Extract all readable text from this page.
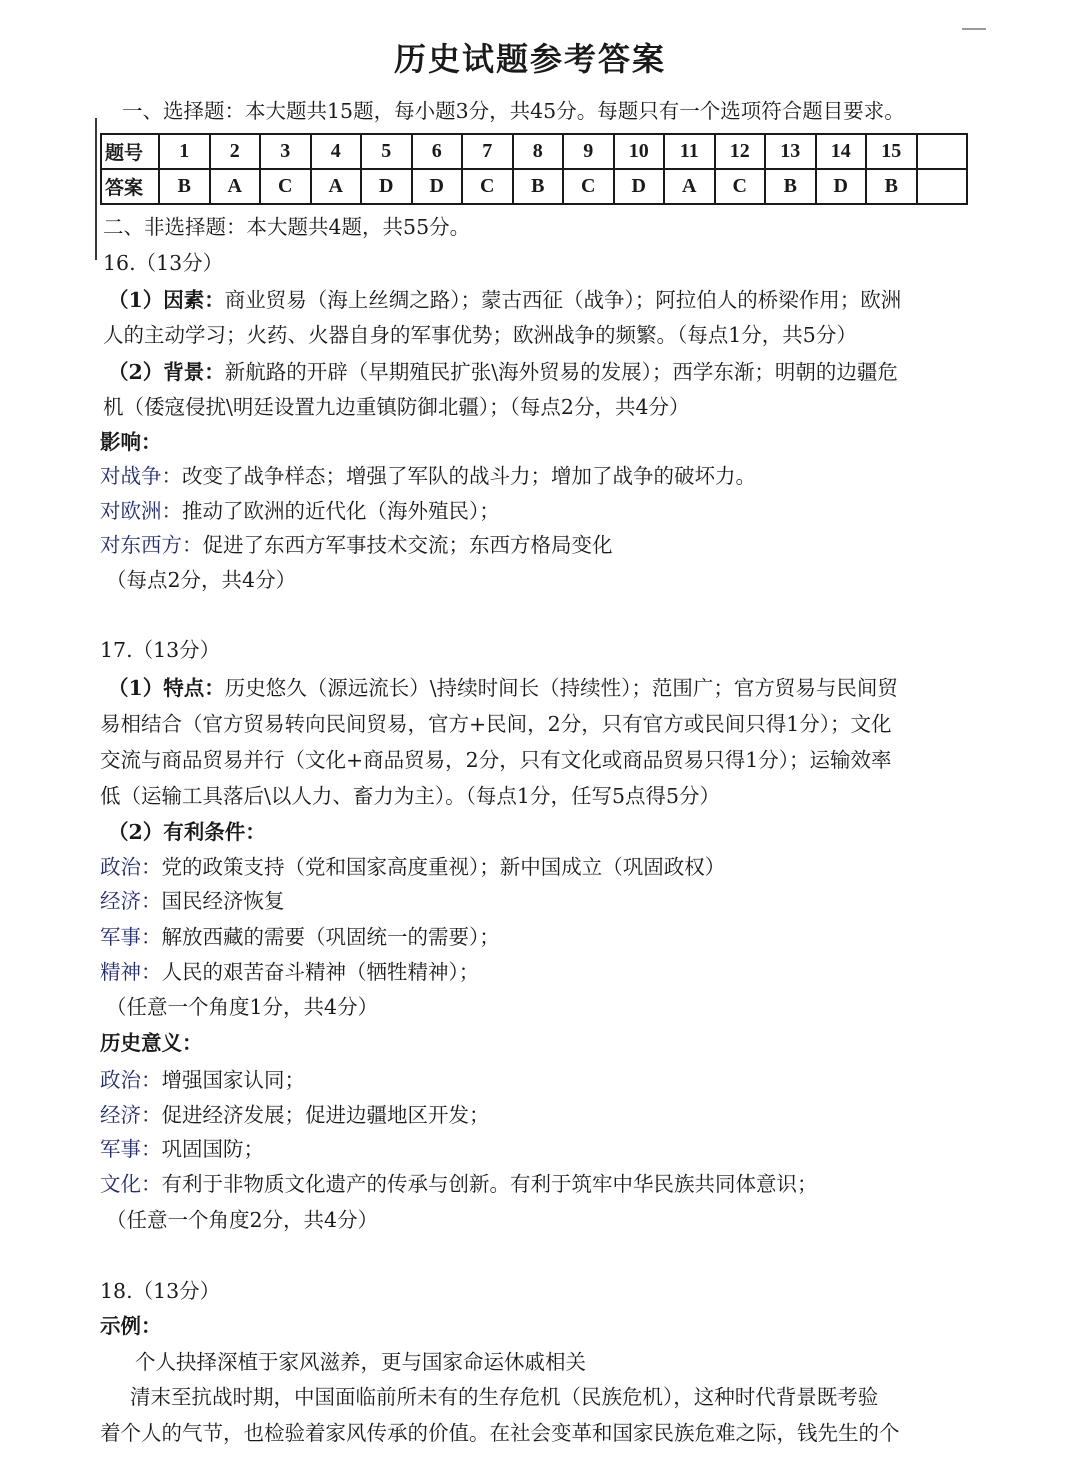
历史试题参考答案
一、选择题：本大题共15题，每小题3分，共45分。每题只有一个选项符合题目要求。
题号	1	2	3	4	5	6	7	8	9	10	11	12	13	14	15	
答案	B	A	C	A	D	D	C	B	C	D	A	C	B	D	B	
二、非选择题：本大题共4题，共55分。
16.（13分）
（1）因素：商业贸易（海上丝绸之路）；蒙古西征（战争）；阿拉伯人的桥梁作用；欧洲
人的主动学习；火药、火器自身的军事优势；欧洲战争的频繁。（每点1分，共5分）
（2）背景：新航路的开辟（早期殖民扩张\海外贸易的发展）；西学东渐；明朝的边疆危
机（倭寇侵扰\明廷设置九边重镇防御北疆）；（每点2分，共4分）
影响：
对战争：改变了战争样态；增强了军队的战斗力；增加了战争的破坏力。
对欧洲：推动了欧洲的近代化（海外殖民）；
对东西方：促进了东西方军事技术交流；东西方格局变化
（每点2分，共4分）
17.（13分）
（1）特点：历史悠久（源远流长）\持续时间长（持续性）；范围广；官方贸易与民间贸
易相结合（官方贸易转向民间贸易，官方+民间，2分，只有官方或民间只得1分）；文化
交流与商品贸易并行（文化+商品贸易，2分，只有文化或商品贸易只得1分）；运输效率
低（运输工具落后\以人力、畜力为主）。（每点1分，任写5点得5分）
（2）有利条件：
政治：党的政策支持（党和国家高度重视）；新中国成立（巩固政权）
经济：国民经济恢复
军事：解放西藏的需要（巩固统一的需要）；
精神：人民的艰苦奋斗精神（牺牲精神）；
（任意一个角度1分，共4分）
历史意义：
政治：增强国家认同；
经济：促进经济发展；促进边疆地区开发；
军事：巩固国防；
文化：有利于非物质文化遗产的传承与创新。有利于筑牢中华民族共同体意识；
（任意一个角度2分，共4分）
18.（13分）
示例：
个人抉择深植于家风滋养，更与国家命运休戚相关
清末至抗战时期，中国面临前所未有的生存危机（民族危机），这种时代背景既考验
着个人的气节，也检验着家风传承的价值。在社会变革和国家民族危难之际，钱先生的个
